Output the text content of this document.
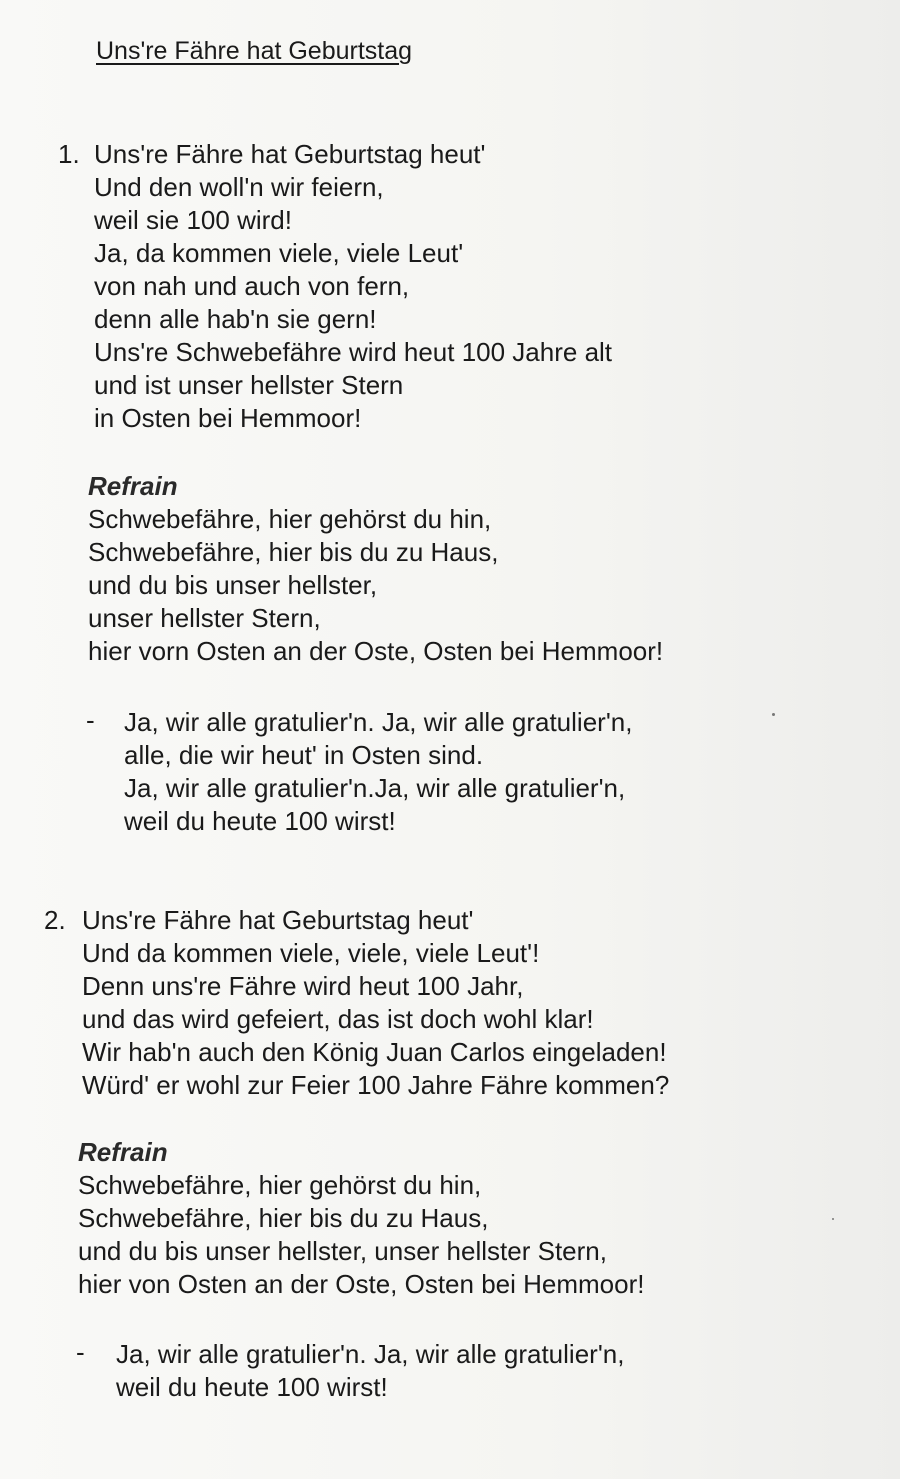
Uns're Fähre hat Geburtstag
1. Uns're Fähre hat Geburtstag heut'
Und den woll'n wir feiern,
weil sie 100 wird!
Ja, da kommen viele, viele Leut'
von nah und auch von fern,
denn alle hab'n sie gern!
Uns're Schwebefähre wird heut 100 Jahre alt
und ist unser hellster Stern
in Osten bei Hemmoor!
Refrain
Schwebefähre, hier gehörst du hin,
Schwebefähre, hier bis du zu Haus,
und du bis unser hellster,
unser hellster Stern,
hier vorn Osten an der Oste, Osten bei Hemmoor!
- Ja, wir alle gratulier'n. Ja, wir alle gratulier'n,
alle, die wir heut' in Osten sind.
Ja, wir alle gratulier'n.Ja, wir alle gratulier'n,
weil du heute 100 wirst!
2. Uns're Fähre hat Geburtstag heut'
Und da kommen viele, viele, viele Leut'!
Denn uns're Fähre wird heut 100 Jahr,
und das wird gefeiert, das ist doch wohl klar!
Wir hab'n auch den König Juan Carlos eingeladen!
Würd' er wohl zur Feier 100 Jahre Fähre kommen?
Refrain
Schwebefähre, hier gehörst du hin,
Schwebefähre, hier bis du zu Haus,
und du bis unser hellster, unser hellster Stern,
hier von Osten an der Oste, Osten bei Hemmoor!
- Ja, wir alle gratulier'n. Ja, wir alle gratulier'n,
weil du heute 100 wirst!
